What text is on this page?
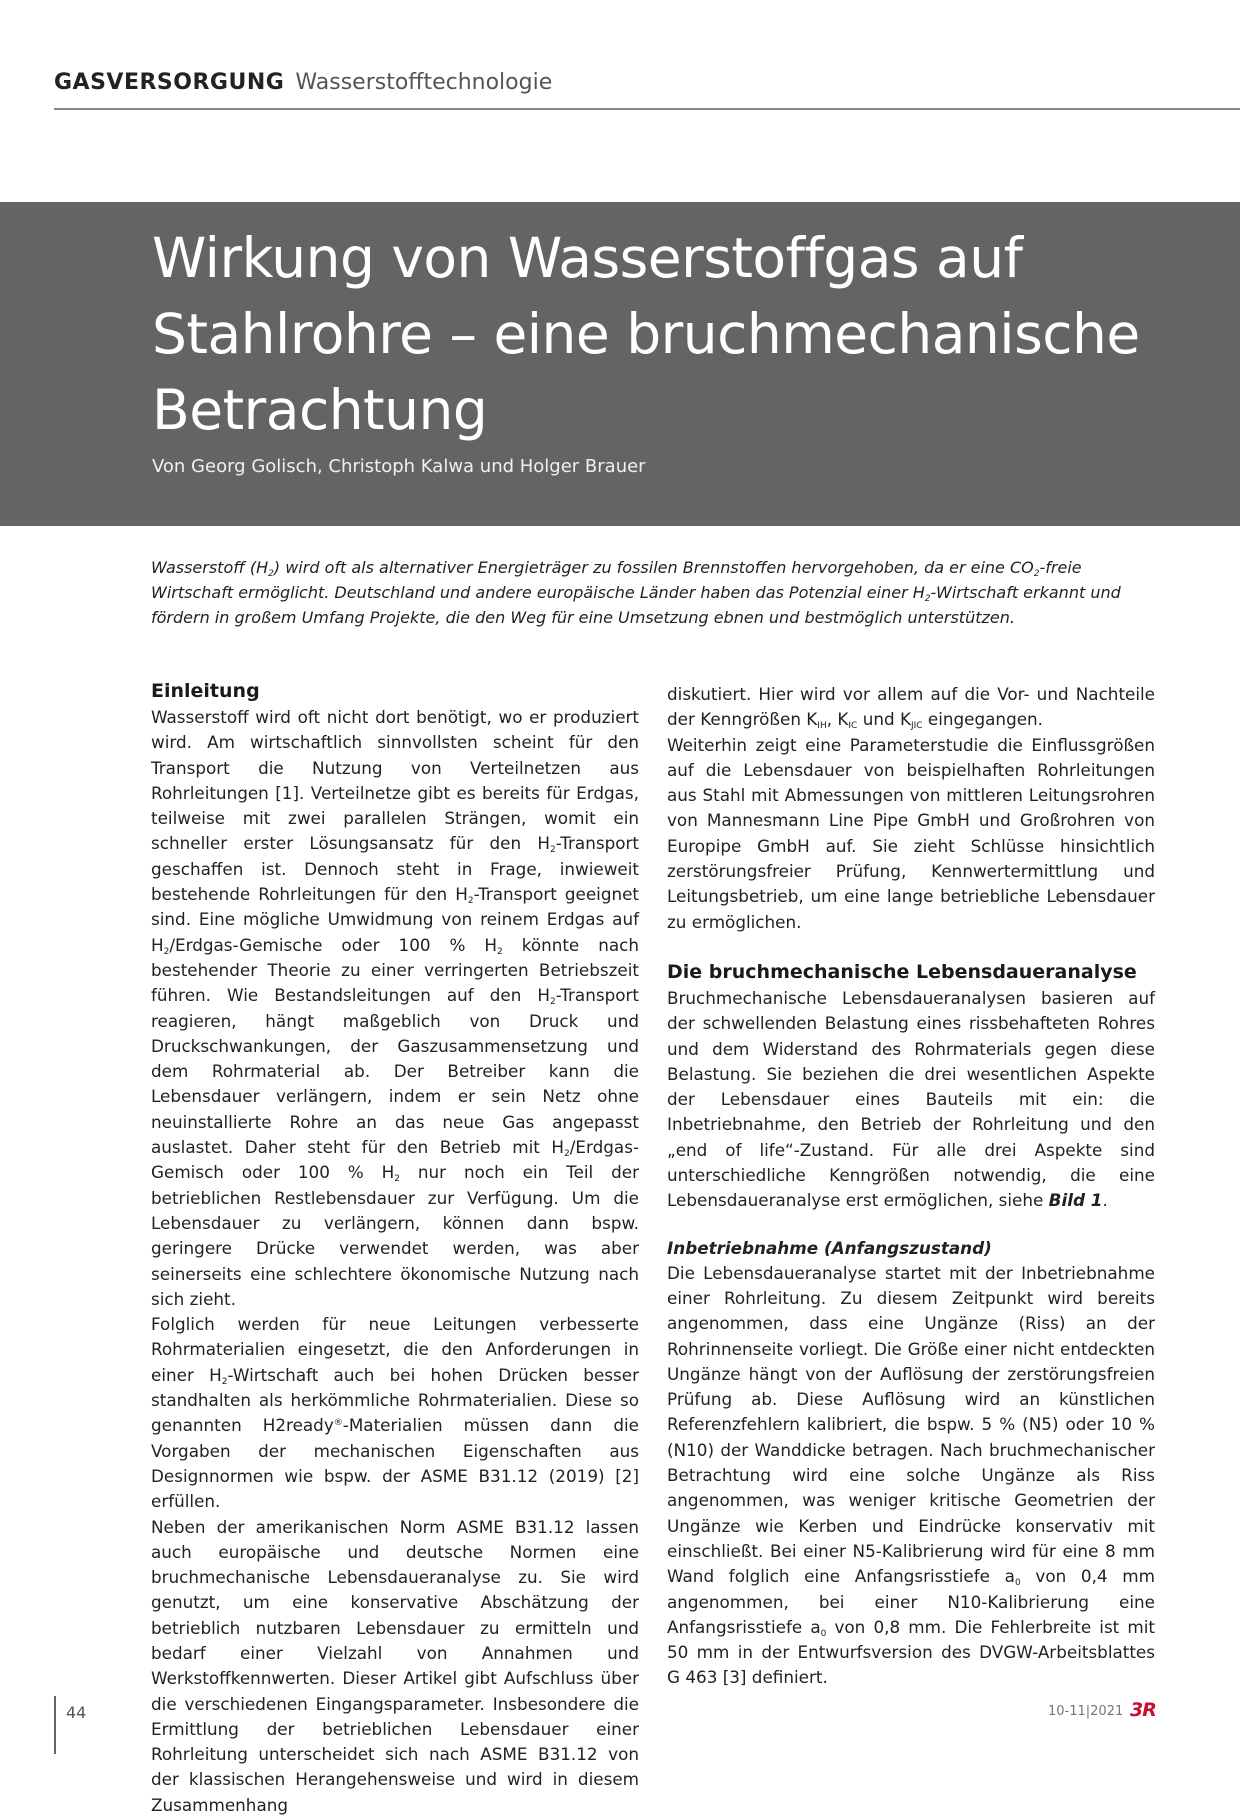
GASVERSORGUNG Wasserstofftechnologie
Wirkung von Wasserstoffgas auf
Stahlrohre – eine bruchmechanische
Betrachtung
Von Georg Golisch, Christoph Kalwa und Holger Brauer

Wasserstoff $(H_2)$ wird oft als alternativer Energieträger zu fossilen Brennstoffen hervorgehoben, da er eine $CO_2$-freie Wirtschaft ermöglicht. Deutschland und andere europäische Länder haben das Potenzial einer $H_2$-Wirtschaft erkannt und fördern in großem Umfang Projekte, die den Weg für eine Umsetzung ebnen und bestmöglich unterstützen.

Einleitung

Wasserstoff wird oft nicht dort benötigt, wo er produziert wird. Am wirtschaftlich sinnvollsten scheint für den Transport die Nutzung von Verteilnetzen aus Rohrleitungen [1]. Verteilnetze gibt es bereits für Erdgas, teilweise mit zwei parallelen Strängen, womit ein schneller erster Lösungsansatz für den $H_2$-Transport geschaffen ist. Dennoch steht in Frage, inwieweit bestehende Rohrleitungen für den $H_2$-Transport geeignet sind. Eine mögliche Umwidmung von reinem Erdgas auf $H_2/Erdgas$-Gemische oder 100 % $H_2$ könnte nach bestehender Theorie zu einer verringerten Betriebszeit führen. Wie Bestandsleitungen auf den $H_2$-Transport reagieren, hängt maßgeblich von Druck und Druckschwankungen, der Gaszusammensetzung und dem Rohrmaterial ab. Der Betreiber kann die Lebensdauer verlängern, indem er sein Netz ohne neuinstallierte Rohre an das neue Gas angepasst auslastet. Daher steht für den Betrieb mit $H_2/Erdgas$-Gemisch oder 100 % $H_2$ nur noch ein Teil der betrieblichen Restlebensdauer zur Verfügung. Um die Lebensdauer zu verlängern, können dann bspw. geringere Drücke verwendet werden, was aber seinerseits eine schlechtere ökonomische Nutzung nach sich zieht.

Folglich werden für neue Leitungen verbesserte Rohrmaterialien eingesetzt, die den Anforderungen in einer $H_2$-Wirtschaft auch bei hohen Drücken besser standhalten als herkömmliche Rohrmaterialien. Diese so genannten H2ready®-Materialien müssen dann die Vorgaben der mechanischen Eigenschaften aus Designnormen wie bspw. der ASME B31.12 (2019) [2] erfüllen.

Neben der amerikanischen Norm ASME B31.12 lassen auch europäische und deutsche Normen eine bruchmechanische Lebensdaueranalyse zu. Sie wird genutzt, um eine konservative Abschätzung der betrieblich nutzbaren Lebensdauer zu ermitteln und bedarf einer Vielzahl von Annahmen und Werkstoffkennwerten. Dieser Artikel gibt Aufschluss über die verschiedenen Eingangsparameter. Insbesondere die Ermittlung der betrieblichen Lebensdauer einer Rohrleitung unterscheidet sich nach ASME B31.12 von der klassischen Herangehensweise und wird in diesem Zusammenhang

diskutiert. Hier wird vor allem auf die Vor- und Nachteile der Kenngrößen $K_{IH}$, $K_{IC}$ und $K_{JIC}$ eingegangen.

Weiterhin zeigt eine Parameterstudie die Einflussgrößen auf die Lebensdauer von beispielhaften Rohrleitungen aus Stahl mit Abmessungen von mittleren Leitungsrohren von Mannesmann Line Pipe GmbH und Großrohren von Europipe GmbH auf. Sie zieht Schlüsse hinsichtlich zerstörungsfreier Prüfung, Kennwertermittlung und Leitungsbetrieb, um eine lange betriebliche Lebensdauer zu ermöglichen.

Die bruchmechanische Lebensdaueranalyse

Bruchmechanische Lebensdaueranalysen basieren auf der schwellenden Belastung eines rissbehafteten Rohres und dem Widerstand des Rohrmaterials gegen diese Belastung. Sie beziehen die drei wesentlichen Aspekte der Lebensdauer eines Bauteils mit ein: die Inbetriebnahme, den Betrieb der Rohrleitung und den „end of life“-Zustand. Für alle drei Aspekte sind unterschiedliche Kenngrößen notwendig, die eine Lebensdaueranalyse erst ermöglichen, siehe Bild 1.

Inbetriebnahme (Anfangszustand)

Die Lebensdaueranalyse startet mit der Inbetriebnahme einer Rohrleitung. Zu diesem Zeitpunkt wird bereits angenommen, dass eine Ungänze (Riss) an der Rohrinnenseite vorliegt. Die Größe einer nicht entdeckten Ungänze hängt von der Auflösung der zerstörungsfreien Prüfung ab. Diese Auflösung wird an künstlichen Referenzfehlern kalibriert, die bspw. 5 % (N5) oder 10 % (N10) der Wanddicke betragen. Nach bruchmechanischer Betrachtung wird eine solche Ungänze als Riss angenommen, was weniger kritische Geometrien der Ungänze wie Kerben und Eindrücke konservativ mit einschließt. Bei einer N5-Kalibrierung wird für eine 8 mm Wand folglich eine Anfangsrisstiefe $a_0$ von 0,4 mm angenommen, bei einer N10-Kalibrierung eine Anfangsrisstiefe $a_0$ von 0,8 mm. Die Fehlerbreite ist mit 50 mm in der Entwurfsversion des DVGW-Arbeitsblattes G 463 [3] definiert.

44	10-11|2021 3R
